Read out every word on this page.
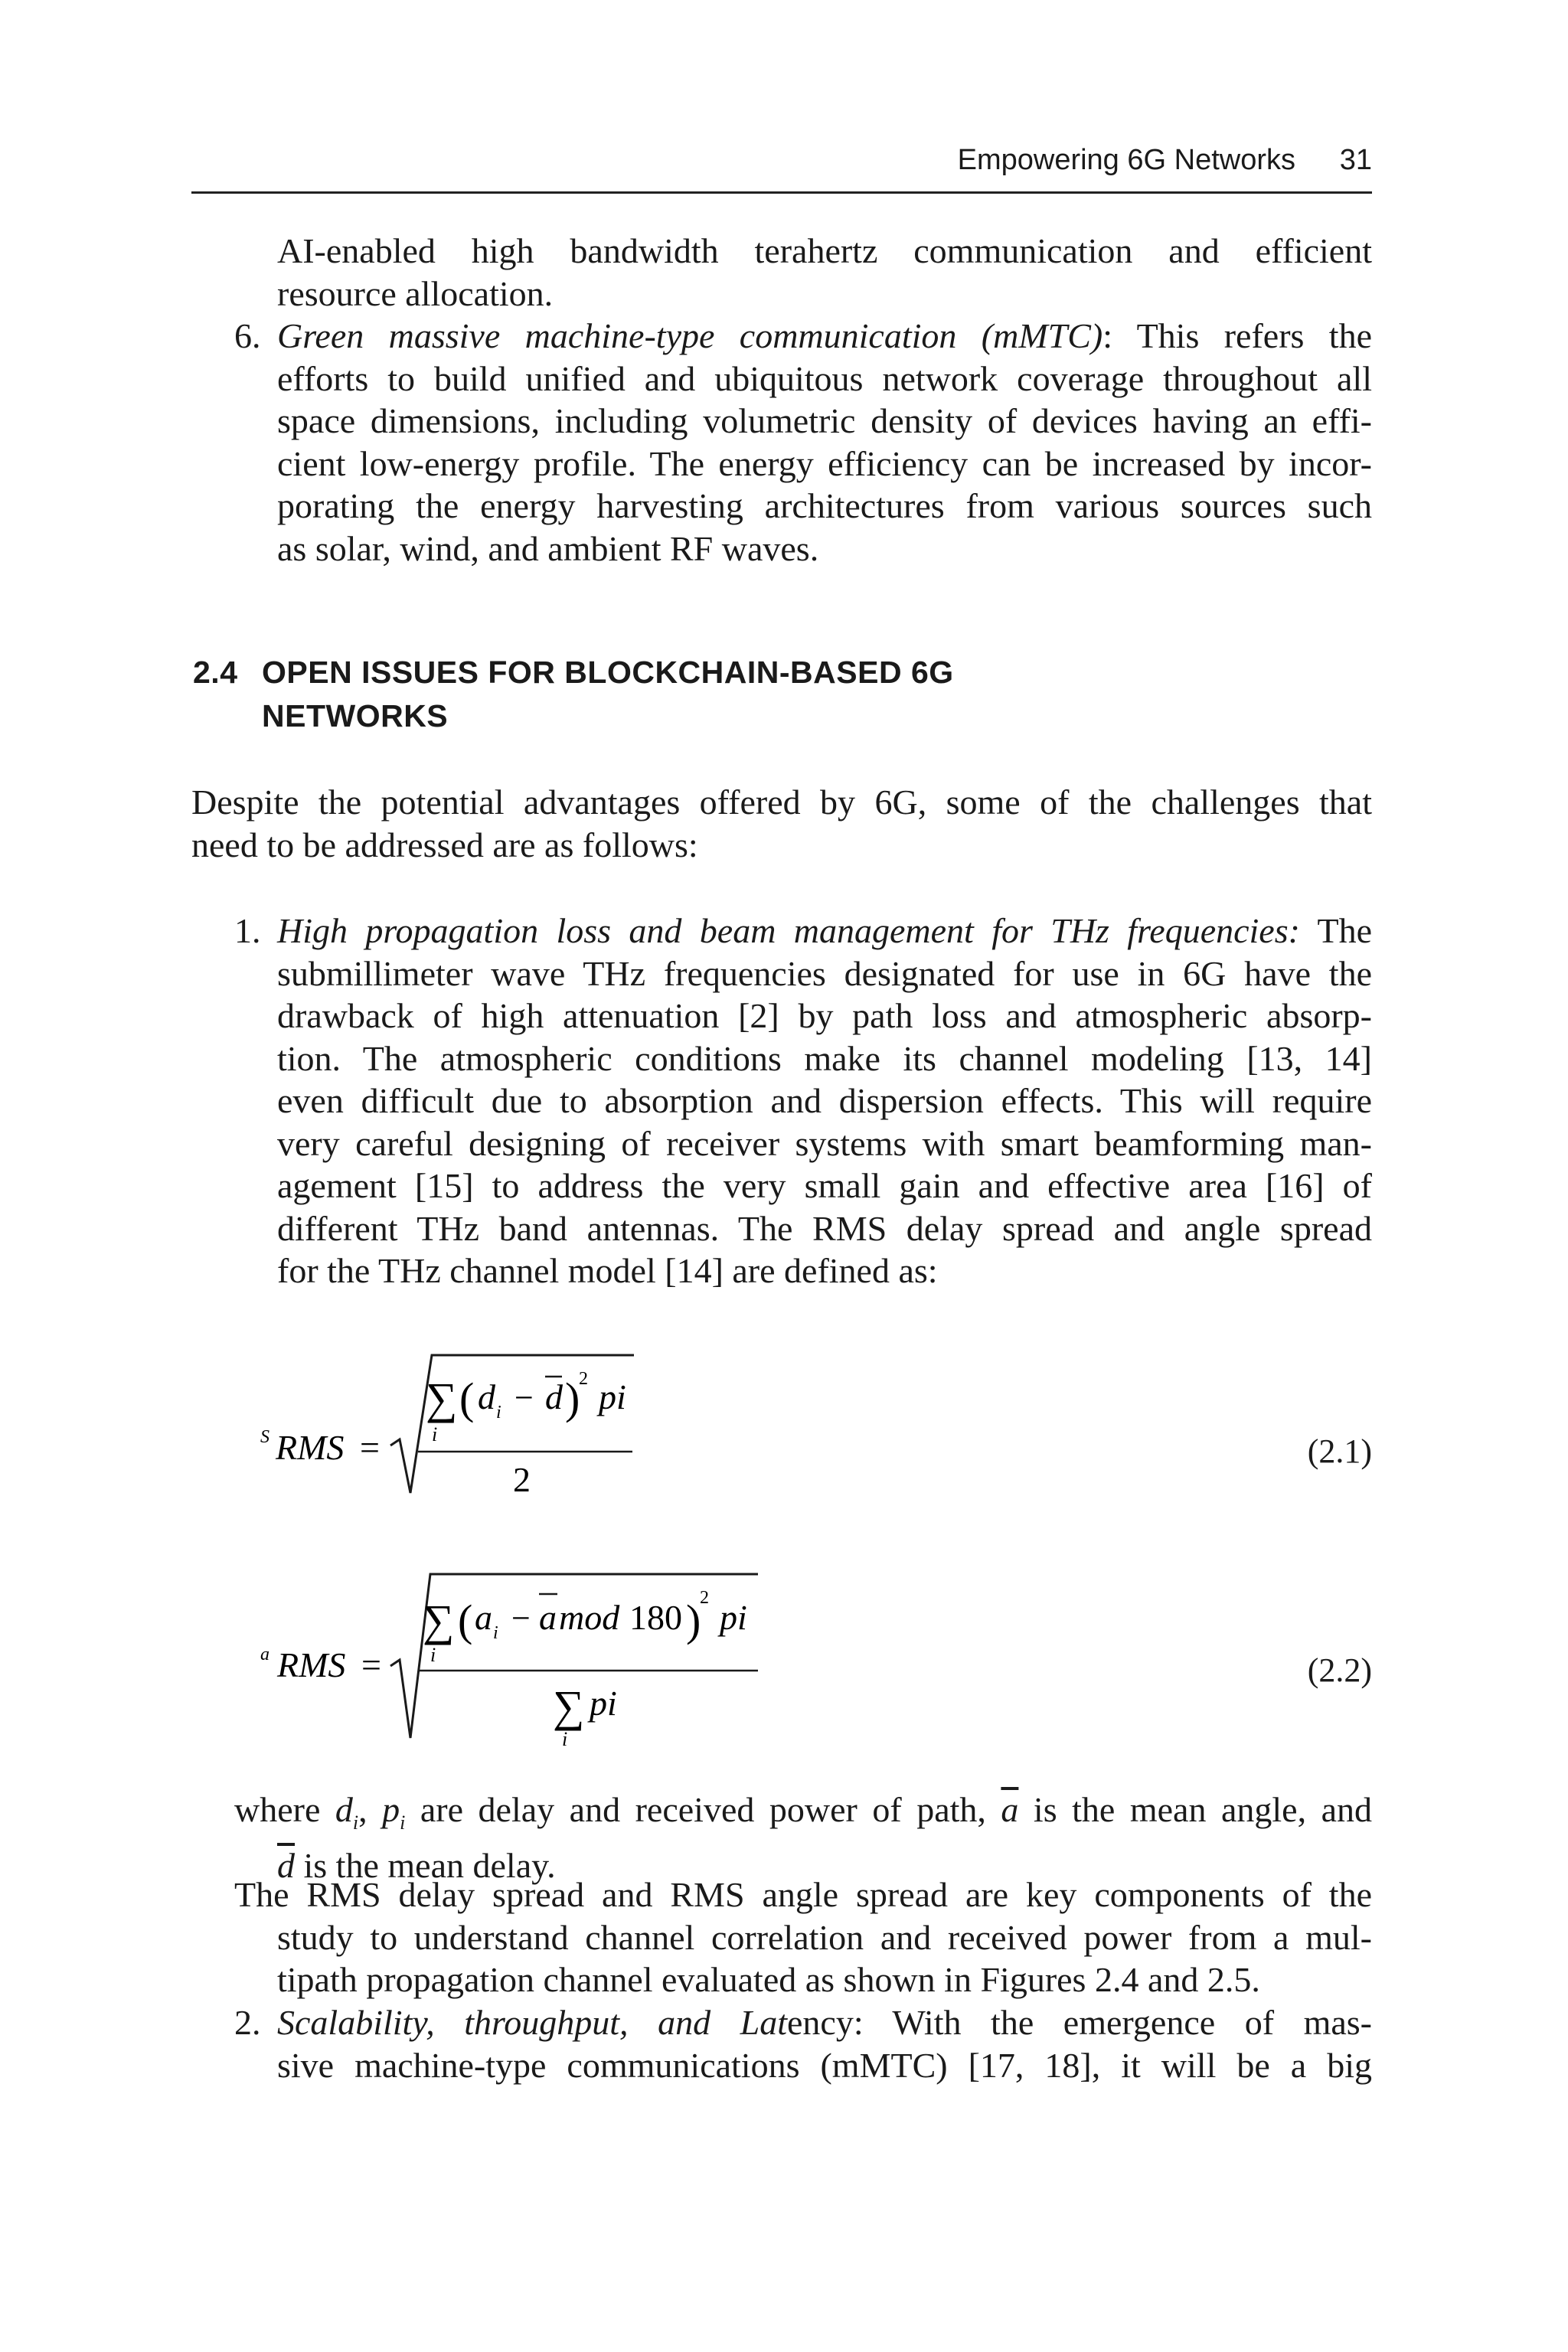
Empowering 6G Networks 31
AI-enabled high bandwidth terahertz communication and efficient
resource allocation.
6. Green massive machine-type communication (mMTC): This refers the
efforts to build unified and ubiquitous network coverage throughout all
space dimensions, including volumetric density of devices having an effi-
cient low-energy profile. The energy efficiency can be increased by incor-
porating the energy harvesting architectures from various sources such
as solar, wind, and ambient RF waves.
2.4 OPEN ISSUES FOR BLOCKCHAIN-BASED 6G
NETWORKS
Despite the potential advantages offered by 6G, some of the challenges that
need to be addressed are as follows:
1. High propagation loss and beam management for THz frequencies: The
submillimeter wave THz frequencies designated for use in 6G have the
drawback of high attenuation [2] by path loss and atmospheric absorp-
tion. The atmospheric conditions make its channel modeling [13, 14]
even difficult due to absorption and dispersion effects. This will require
very careful designing of receiver systems with smart beamforming man-
agement [15] to address the very small gain and effective area [16] of
different THz band antennas. The RMS delay spread and angle spread
for the THz channel model [14] are defined as:
S RMS =
∑
i
( d i − d )
2 pi
2
(2.1)
a RMS =
∑
i
( a i − a mod 180 )
2 pi
∑
i
pi
(2.2)
where $d_i$, $p_i$ are delay and received power of path, $\overline{a}$ is the mean angle, and
$\overline{d}$ is the mean delay.
The RMS delay spread and RMS angle spread are key components of the
study to understand channel correlation and received power from a mul-
tipath propagation channel evaluated as shown in Figures 2.4 and 2.5.
2. Scalability, throughput, and Latency: With the emergence of mas-
sive machine-type communications (mMTC) [17, 18], it will be a big
